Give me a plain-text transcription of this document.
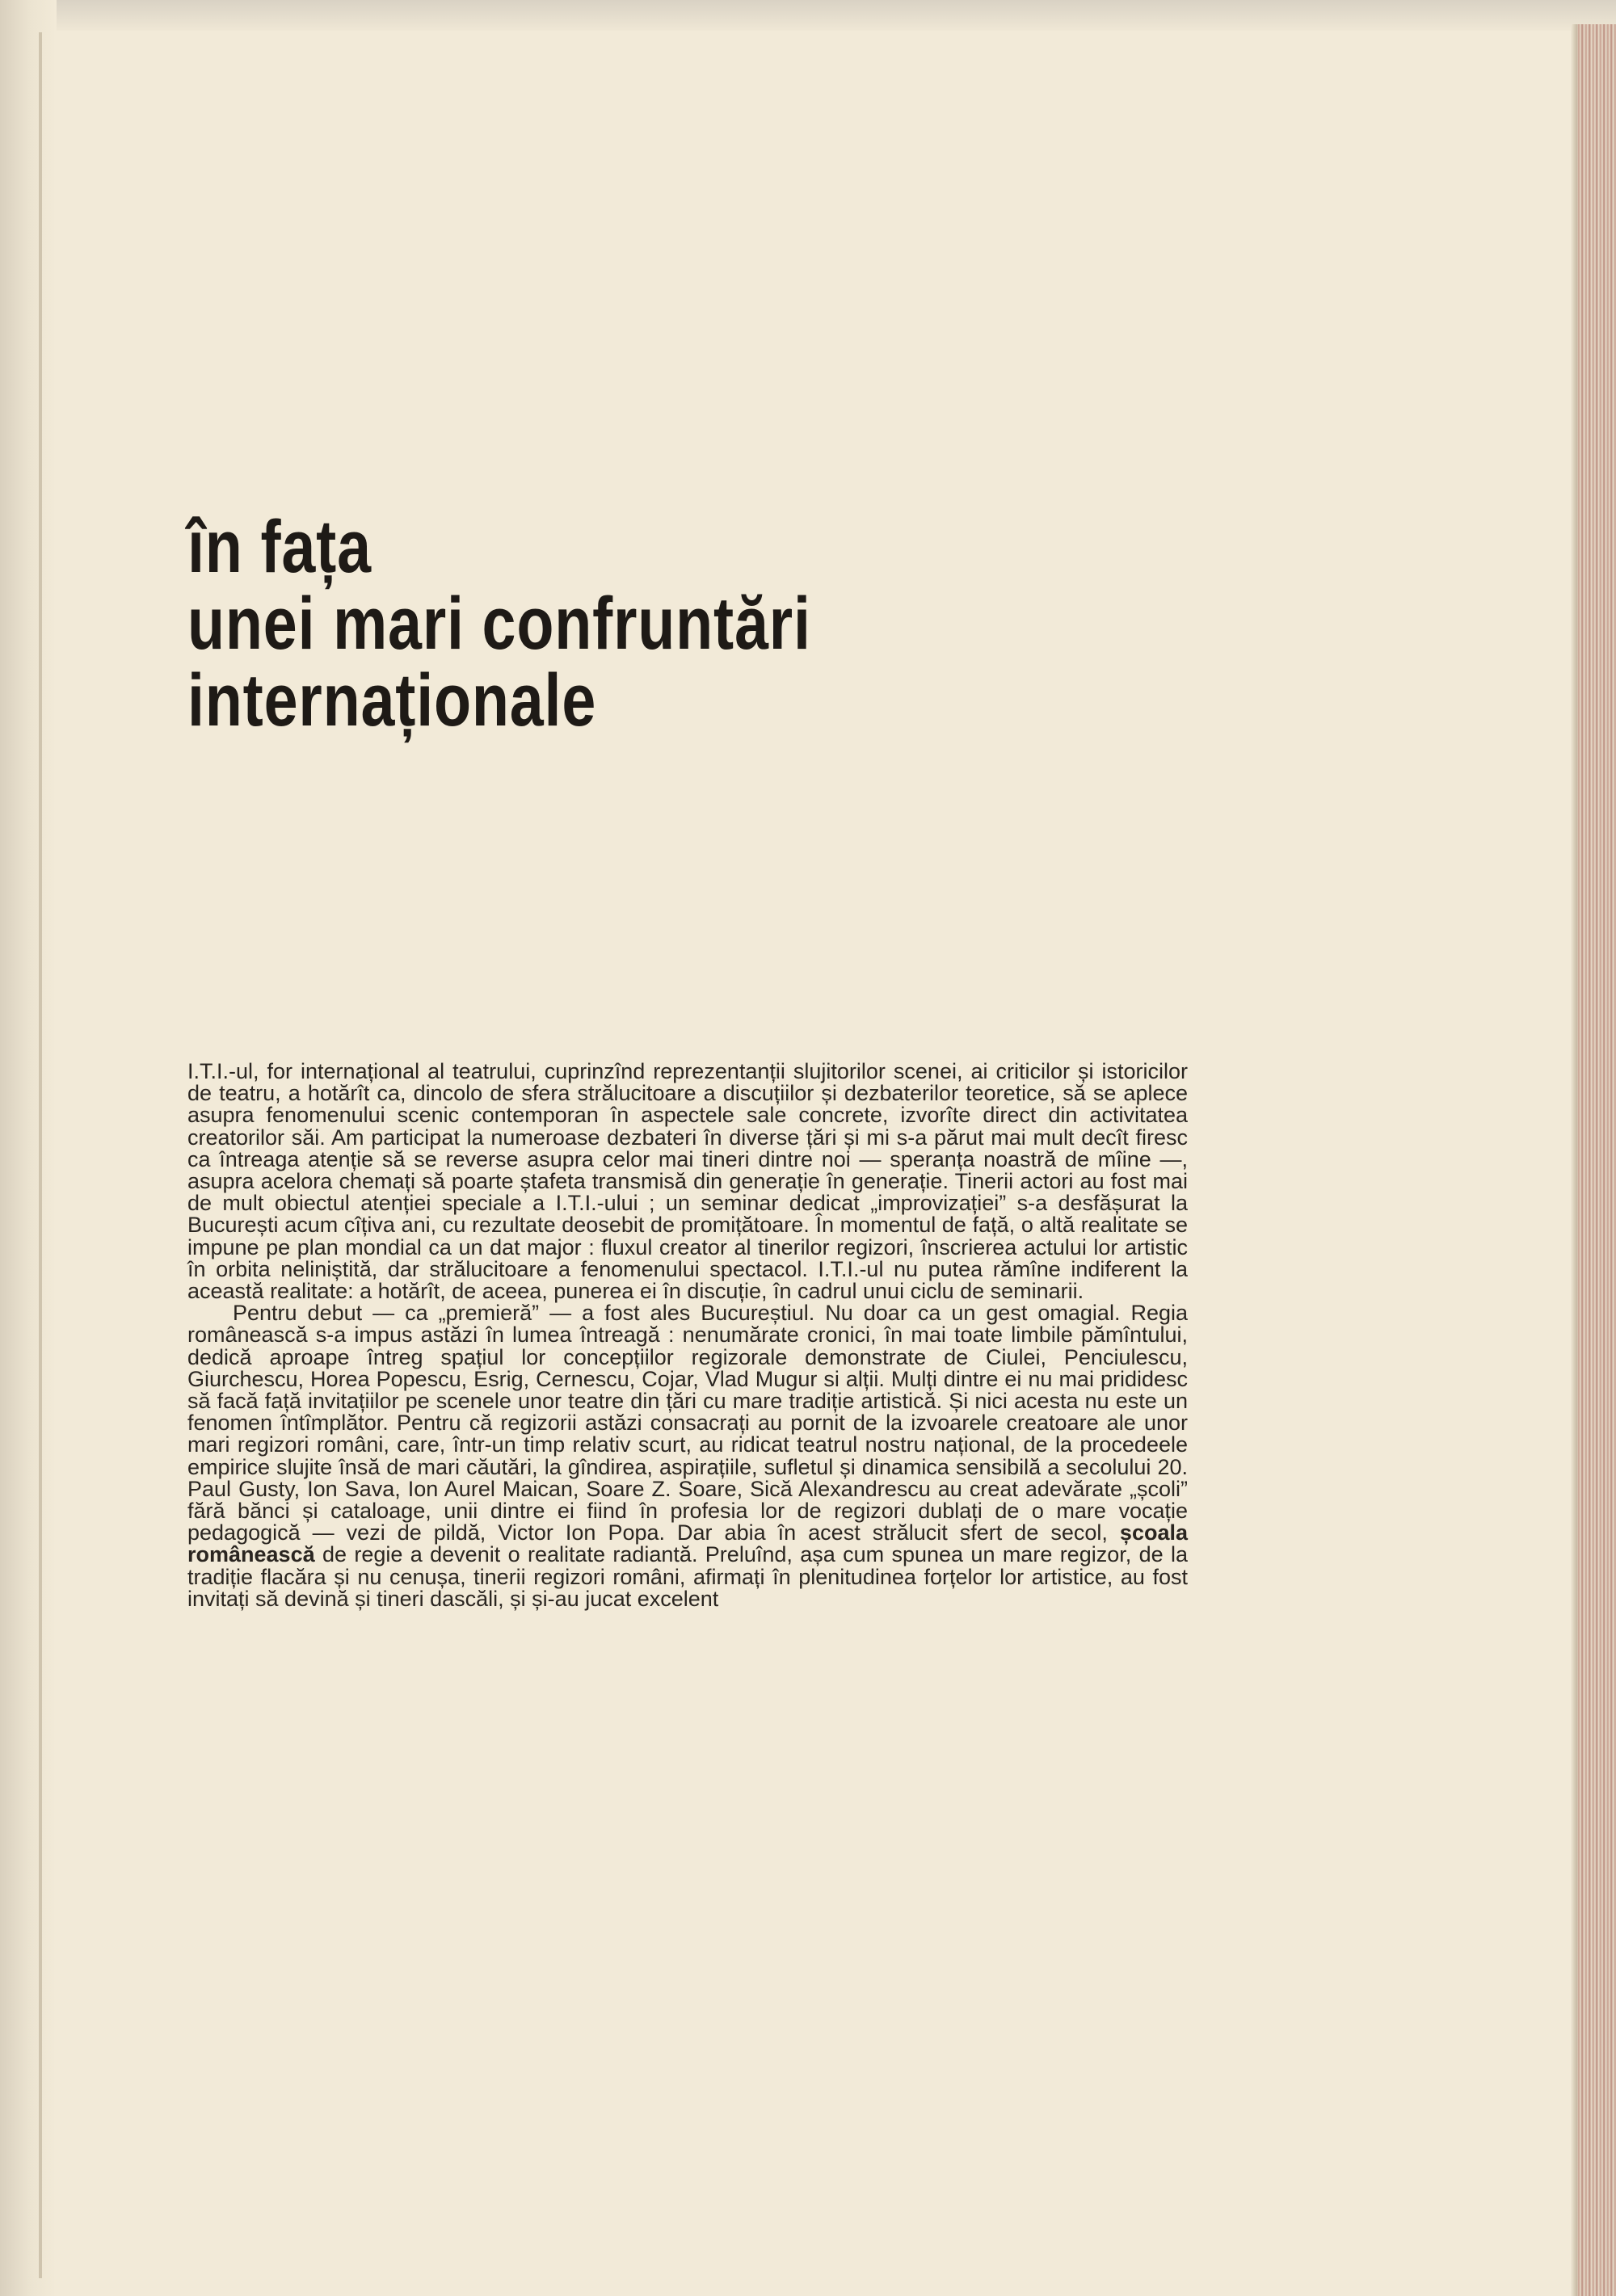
în fața
unei mari confruntări
internaționale

I.T.I.-ul, for internațional al teatrului, cuprinzînd reprezentanții slujitorilor scenei, ai criticilor și istoricilor de teatru, a hotărît ca, dincolo de sfera strălucitoare a discuțiilor și dezbaterilor teoretice, să se aplece asupra fenomenului scenic contemporan în aspectele sale concrete, izvorîte direct din activitatea creatorilor săi. Am participat la numeroase dezbateri în diverse țări și mi s-a părut mai mult decît firesc ca întreaga atenție să se reverse asupra celor mai tineri dintre noi — speranța noastră de mîine —, asupra acelora chemați să poarte ștafeta transmisă din generație în generație. Tinerii actori au fost mai de mult obiectul atenției speciale a I.T.I.-ului ; un seminar dedicat „improvizației” s-a desfășurat la București acum cîțiva ani, cu rezultate deosebit de promițătoare. În momentul de față, o altă realitate se impune pe plan mondial ca un dat major : fluxul creator al tinerilor regizori, înscrierea actului lor artistic în orbita neliniștită, dar strălucitoare a fenomenului spectacol. I.T.I.-ul nu putea rămîne indiferent la această realitate: a hotărît, de aceea, punerea ei în discuție, în cadrul unui ciclu de seminarii.

Pentru debut — ca „premieră” — a fost ales Bucureștiul. Nu doar ca un gest omagial. Regia românească s-a impus astăzi în lumea întreagă : nenumărate cronici, în mai toate limbile pămîntului, dedică aproape întreg spațiul lor concepțiilor regizorale demonstrate de Ciulei, Penciulescu, Giurchescu, Horea Popescu, Esrig, Cernescu, Cojar, Vlad Mugur si alții. Mulți dintre ei nu mai prididesc să facă față invitațiilor pe scenele unor teatre din țări cu mare tradiție artistică. Și nici acesta nu este un fenomen întîmplător. Pentru că regizorii astăzi consacrați au pornit de la izvoarele creatoare ale unor mari regizori români, care, într-un timp relativ scurt, au ridicat teatrul nostru național, de la procedeele empirice slujite însă de mari căutări, la gîndirea, aspirațiile, sufletul și dinamica sensibilă a secolului 20. Paul Gusty, Ion Sava, Ion Aurel Maican, Soare Z. Soare, Sică Alexandrescu au creat adevărate „școli” fără bănci și cataloage, unii dintre ei fiind în profesia lor de regizori dublați de o mare vocație pedagogică — vezi de pildă, Victor Ion Popa. Dar abia în acest strălucit sfert de secol, școala românească de regie a devenit o realitate radiantă. Preluînd, așa cum spunea un mare regizor, de la tradiție flacăra și nu cenușa, tinerii regizori români, afirmați în plenitudinea forțelor lor artistice, au fost invitați să devină și tineri dascăli, și și-au jucat excelent
